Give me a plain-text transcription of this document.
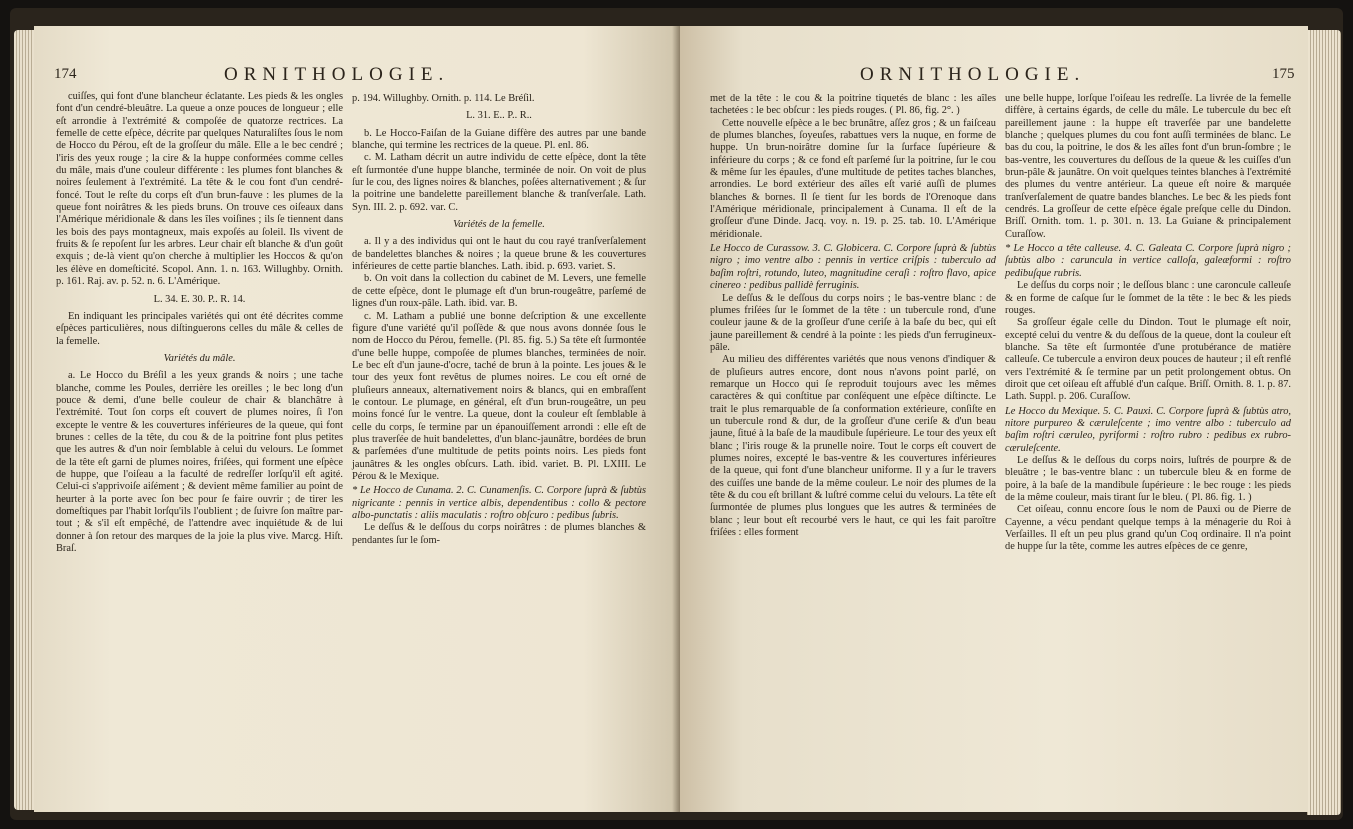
174	ORNITHOLOGIE.

cuiſſes, qui font d'une blancheur éclatante. Les pieds & les ongles font d'un cendré-bleuâtre. La queue a onze pouces de longueur ; elle eſt arrondie à l'extrémité & compoſée de quatorze rectrices. La femelle de cette eſpèce, décrite par quelques Naturaliſtes ſous le nom de Hocco du Pérou, eſt de la groſſeur du mâle. Elle a le bec cendré ; l'iris des yeux rouge ; la cire & la huppe conformées comme celles du mâle, mais d'une couleur différente : les plumes font blanches & noires ſeulement à l'extrémité. La tête & le cou font d'un cendré-foncé. Tout le reſte du corps eſt d'un brun-fauve : les plumes de la queue font noirâtres & les pieds bruns. On trouve ces oiſeaux dans l'Amérique méridionale & dans les îles voiſines ; ils ſe tiennent dans les bois des pays montagneux, mais expoſés au ſoleil. Ils vivent de fruits & ſe repoſent ſur les arbres. Leur chair eſt blanche & d'un goût exquis ; de-là vient qu'on cherche à multiplier les Hoccos & qu'on les élève en domeſticité. Scopol. Ann. 1. n. 163. Willughby. Ornith. p. 161. Raj. av. p. 52. n. 6. L'Amérique.

L. 34. E. 30. P.. R. 14.

En indiquant les principales variétés qui ont été décrites comme eſpèces particulières, nous diſtinguerons celles du mâle & celles de la femelle.

Variétés du mâle.

a. Le Hocco du Bréſil a les yeux grands & noirs ; une tache blanche, comme les Poules, derrière les oreilles ; le bec long d'un pouce & demi, d'une belle couleur de chair & blanchâtre à l'extrémité. Tout ſon corps eſt couvert de plumes noires, ſi l'on excepte le ventre & les couvertures inférieures de la queue, qui font brunes : celles de la tête, du cou & de la poitrine font plus petites que les autres & d'un noir ſemblable à celui du velours. Le ſommet de la tête eſt garni de plumes noires, friſées, qui forment une eſpèce de huppe, que l'oiſeau a la faculté de redreſſer lorſqu'il eſt agité. Celui-ci s'apprivoiſe aiſément ; & devient même familier au point de heurter à la porte avec ſon bec pour ſe faire ouvrir ; de tirer les domeſtiques par l'habit lorſqu'ils l'oublient ; de ſuivre ſon maître par-tout ; & s'il eſt empêché, de l'attendre avec inquiétude & de lui donner à ſon retour des marques de la joie la plus vive. Marcg. Hiſt. Braſ.

p. 194. Willughby. Ornith. p. 114. Le Bréſil.

L. 31. E.. P.. R..

b. Le Hocco-Faiſan de la Guiane diffère des autres par une bande blanche, qui termine les rectrices de la queue. Pl. enl. 86.

c. M. Latham décrit un autre individu de cette eſpèce, dont la tête eſt ſurmontée d'une huppe blanche, terminée de noir. On voit de plus ſur le cou, des lignes noires & blanches, poſées alternativement ; & ſur la poitrine une bandelette pareillement blanche & tranſverſale. Lath. Syn. III. 2. p. 692. var. C.

Variétés de la femelle.

a. Il y a des individus qui ont le haut du cou rayé tranſverſalement de bandelettes blanches & noires ; la queue brune & les couvertures inférieures de cette partie blanches. Lath. ibid. p. 693. variet. S.

b. On voit dans la collection du cabinet de M. Levers, une femelle de cette eſpèce, dont le plumage eſt d'un brun-rougeâtre, parſemé de lignes d'un roux-pâle. Lath. ibid. var. B.

c. M. Latham a publié une bonne deſcription & une excellente figure d'une variété qu'il poſſède & que nous avons donnée ſous le nom de Hocco du Pérou, femelle. (Pl. 85. fig. 5.) Sa tête eſt ſurmontée d'une belle huppe, compoſée de plumes blanches, terminées de noir. Le bec eſt d'un jaune-d'ocre, taché de brun à la pointe. Les joues & le tour des yeux font revêtus de plumes noires. Le cou eſt orné de pluſieurs anneaux, alternativement noirs & blancs, qui en embraſſent le contour. Le plumage, en général, eſt d'un brun-rougeâtre, un peu moins foncé ſur le ventre. La queue, dont la couleur eſt ſemblable à celle du corps, ſe termine par un épanouiſſement arrondi : elle eſt de plus traverſée de huit bandelettes, d'un blanc-jaunâtre, bordées de brun & parſemées d'une multitude de petits points noirs. Les pieds font jaunâtres & les ongles obſcurs. Lath. ibid. variet. B. Pl. LXIII. Le Pérou & le Mexique.

* Le Hocco de Cunama. 2. C. Cunamenſis. C. Corpore ſuprà & ſubtùs nigricante : pennis in vertice albis, dependentibus : collo & pectore albo-punctatis : aliis maculatis : roſtro obſcuro : pedibus ſubris.

Le deſſus & le deſſous du corps noirâtres : de plumes blanches & pendantes ſur le ſom-

ORNITHOLOGIE.	175

met de la tête : le cou & la poitrine tiquetés de blanc : les aîles tachetées : le bec obſcur : les pieds rouges. ( Pl. 86, fig. 2°. )

Cette nouvelle eſpèce a le bec brunâtre, aſſez gros ; & un faiſceau de plumes blanches, ſoyeuſes, rabattues vers la nuque, en forme de huppe. Un brun-noirâtre domine ſur la ſurface ſupérieure & inférieure du corps ; & ce fond eſt parſemé ſur la poitrine, ſur le cou & même ſur les épaules, d'une multitude de petites taches blanches, arrondies. Le bord extérieur des aîles eſt varié auſſi de plumes blanches & bornes. Il ſe tient ſur les bords de l'Orenoque dans l'Amérique méridionale, principalement à Cunama. Il eſt de la groſſeur d'une Dinde. Jacq. voy. n. 19. p. 25. tab. 10. L'Amérique méridionale.

Le Hocco de Curassow. 3. C. Globicera. C. Corpore ſuprà & ſubtùs nigro ; imo ventre albo : pennis in vertice criſpis : tuberculo ad baſim roſtri, rotundo, luteo, magnitudine ceraſi : roſtro flavo, apice cinereo : pedibus pallidè ferruginis.

Le deſſus & le deſſous du corps noirs ; le bas-ventre blanc : de plumes friſées ſur le ſommet de la tête : un tubercule rond, d'une couleur jaune & de la groſſeur d'une ceriſe à la baſe du bec, qui eſt jaune pareillement & cendré à la pointe : les pieds d'un ferrugineux-pâle.

Au milieu des différentes variétés que nous venons d'indiquer & de pluſieurs autres encore, dont nous n'avons point parlé, on remarque un Hocco qui ſe reproduit toujours avec les mêmes caractères & qui conſtitue par conſéquent une eſpèce diſtincte. Le trait le plus remarquable de ſa conformation extérieure, conſiſte en un tubercule rond & dur, de la groſſeur d'une ceriſe & d'un beau jaune, ſitué à la baſe de la maudibule ſupérieure. Le tour des yeux eſt blanc ; l'iris rouge & la prunelle noire. Tout le corps eſt couvert de plumes noires, excepté le bas-ventre & les couvertures inférieures de la queue, qui font d'une blancheur uniforme. Il y a ſur le travers des cuiſſes une bande de la même couleur. Le noir des plumes de la tête & du cou eſt brillant & luſtré comme celui du velours. La tête eſt ſurmontée de plumes plus longues que les autres & terminées de blanc ; leur bout eſt recourbé vers le haut, ce qui les fait paroître friſées : elles forment

une belle huppe, lorſque l'oiſeau les redreſſe. La livrée de la femelle diffère, à certains égards, de celle du mâle. Le tubercule du bec eſt pareillement jaune : la huppe eſt traverſée par une bandelette blanche ; quelques plumes du cou font auſſi terminées de blanc. Le bas du cou, la poitrine, le dos & les aîles font d'un brun-ſombre ; le bas-ventre, les couvertures du deſſous de la queue & les cuiſſes d'un brun-pâle & jaunâtre. On voit quelques teintes blanches à l'extrémité des plumes du ventre antérieur. La queue eſt noire & marquée tranſverſalement de quatre bandes blanches. Le bec & les pieds font cendrés. La groſſeur de cette eſpèce égale preſque celle du Dindon. Briſſ. Ornith. tom. 1. p. 301. n. 13. La Guiane & principalement Curaſſow.

* Le Hocco a tête calleuse. 4. C. Galeata C. Corpore ſuprà nigro ; ſubtùs albo : caruncula in vertice calloſa, galeæformi : roſtro pedibuſque rubris.

Le deſſus du corps noir ; le deſſous blanc : une caroncule calleuſe & en forme de caſque ſur le ſommet de la tête : le bec & les pieds rouges.

Sa groſſeur égale celle du Dindon. Tout le plumage eſt noir, excepté celui du ventre & du deſſous de la queue, dont la couleur eſt blanche. Sa tête eſt ſurmontée d'une protubérance de matière calleuſe. Ce tubercule a environ deux pouces de hauteur ; il eſt renflé vers l'extrémité & ſe termine par un petit prolongement obtus. On diroit que cet oiſeau eſt affublé d'un caſque. Briſſ. Ornith. 8. 1. p. 87. Lath. Suppl. p. 206. Curaſſow.

Le Hocco du Mexique. 5. C. Pauxi. C. Corpore ſuprà & ſubtùs atro, nitore purpureo & cæruleſcente ; imo ventre albo : tuberculo ad baſim roſtri cæruleo, pyriformi : roſtro rubro : pedibus ex rubro-cæruleſcente.

Le deſſus & le deſſous du corps noirs, luſtrés de pourpre & de bleuâtre ; le bas-ventre blanc : un tubercule bleu & en forme de poire, à la baſe de la mandibule ſupérieure : le bec rouge : les pieds de la même couleur, mais tirant ſur le bleu. ( Pl. 86. fig. 1. )

Cet oiſeau, connu encore ſous le nom de Pauxi ou de Pierre de Cayenne, a vécu pendant quelque temps à la ménagerie du Roi à Verſailles. Il eſt un peu plus grand qu'un Coq ordinaire. Il n'a point de huppe ſur la tête, comme les autres eſpèces de ce genre,
